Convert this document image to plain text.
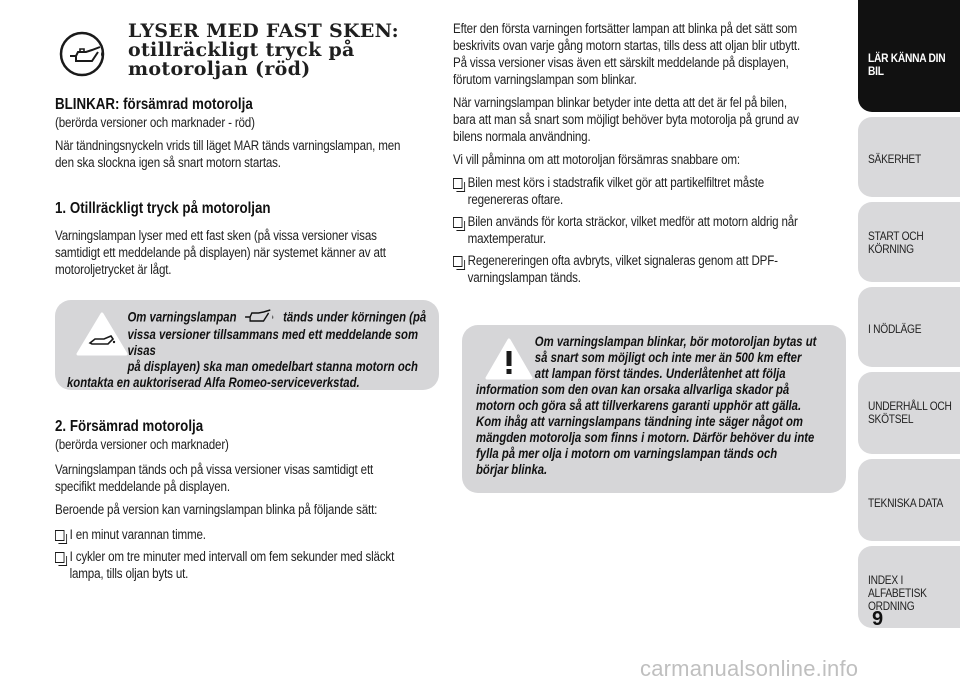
LYSER MED FAST SKEN:
otillräckligt tryck på
motoroljan (röd)
BLINKAR: försämrad motorolja
(berörda versioner och marknader - röd)
När tändningsnyckeln vrids till läget MAR tänds varningslampan, men
den ska slockna igen så snart motorn startas.
1. Otillräckligt tryck på motoroljan
Varningslampan lyser med ett fast sken (på vissa versioner visas
samtidigt ett meddelande på displayen) när systemet känner av att
motoroljetrycket är lågt.
Om varningslampan	tänds under körningen (på
vissa versioner tillsammans med ett meddelande som visas
på displayen) ska man omedelbart stanna motorn och
kontakta en auktoriserad Alfa Romeo-serviceverkstad.
2. Försämrad motorolja
(berörda versioner och marknader)
Varningslampan tänds och på vissa versioner visas samtidigt ett
specifikt meddelande på displayen.
Beroende på version kan varningslampan blinka på följande sätt:
I en minut varannan timme.
I cykler om tre minuter med intervall om fem sekunder med släckt
lampa, tills oljan byts ut.
Efter den första varningen fortsätter lampan att blinka på det sätt som
beskrivits ovan varje gång motorn startas, tills dess att oljan blir utbytt.
På vissa versioner visas även ett särskilt meddelande på displayen,
förutom varningslampan som blinkar.
När varningslampan blinkar betyder inte detta att det är fel på bilen,
bara att man så snart som möjligt behöver byta motorolja på grund av
bilens normala användning.
Vi vill påminna om att motoroljan försämras snabbare om:
Bilen mest körs i stadstrafik vilket gör att partikelfiltret måste
regenereras oftare.
Bilen används för korta sträckor, vilket medför att motorn aldrig når
maxtemperatur.
Regenereringen ofta avbryts, vilket signaleras genom att DPF-
varningslampan tänds.
Om varningslampan blinkar, bör motoroljan bytas ut
så snart som möjligt och inte mer än 500 km efter
att lampan först tändes. Underlåtenhet att följa
information som den ovan kan orsaka allvarliga skador på
motorn och göra så att tillverkarens garanti upphör att gälla.
Kom ihåg att varningslampans tändning inte säger något om
mängden motorolja som finns i motorn. Därför behöver du inte
fylla på mer olja i motorn om varningslampan tänds och
börjar blinka.
LÄR KÄNNA DIN
BIL
SÄKERHET
START OCH
KÖRNING
I NÖDLÄGE
UNDERHÅLL OCH
SKÖTSEL
TEKNISKA DATA
INDEX I ALFABETISK
ORDNING
9
carmanualsonline.info
